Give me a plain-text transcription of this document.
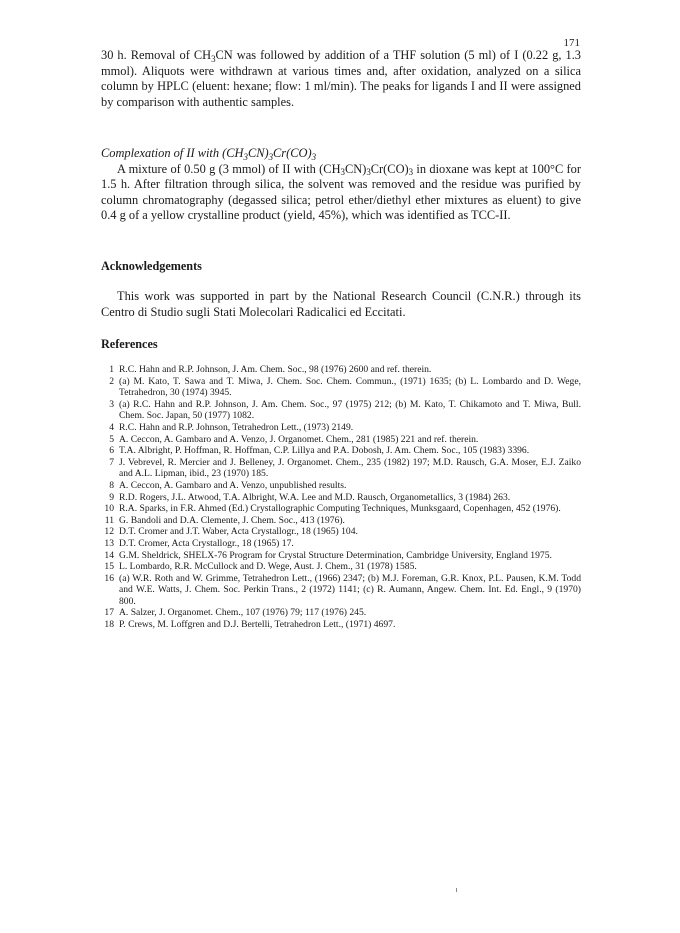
171

30 h. Removal of $CH_3CN$ was followed by addition of a THF solution (5 ml) of I (0.22 g, 1.3 mmol). Aliquots were withdrawn at various times and, after oxidation, analyzed on a silica column by HPLC (eluent: hexane; flow: 1 ml/min). The peaks for ligands I and II were assigned by comparison with authentic samples.

Complexation of II with $(CH_3CN)_3Cr(CO)_3$

A mixture of 0.50 g (3 mmol) of II with $(CH_3CN)_3Cr(CO)_3$ in dioxane was kept at 100°C for 1.5 h. After filtration through silica, the solvent was removed and the residue was purified by column chromatography (degassed silica; petrol ether/diethyl ether mixtures as eluent) to give 0.4 g of a yellow crystalline product (yield, 45%), which was identified as TCC-II.

Acknowledgements

This work was supported in part by the National Research Council (C.N.R.) through its Centro di Studio sugli Stati Molecolari Radicalici ed Eccitati.

References

1 R.C. Hahn and R.P. Johnson, J. Am. Chem. Soc., 98 (1976) 2600 and ref. therein.
2 (a) M. Kato, T. Sawa and T. Miwa, J. Chem. Soc. Chem. Commun., (1971) 1635; (b) L. Lombardo and D. Wege, Tetrahedron, 30 (1974) 3945.
3 (a) R.C. Hahn and R.P. Johnson, J. Am. Chem. Soc., 97 (1975) 212; (b) M. Kato, T. Chikamoto and T. Miwa, Bull. Chem. Soc. Japan, 50 (1977) 1082.
4 R.C. Hahn and R.P. Johnson, Tetrahedron Lett., (1973) 2149.
5 A. Ceccon, A. Gambaro and A. Venzo, J. Organomet. Chem., 281 (1985) 221 and ref. therein.
6 T.A. Albright, P. Hoffman, R. Hoffman, C.P. Lillya and P.A. Dobosh, J. Am. Chem. Soc., 105 (1983) 3396.
7 J. Vebrevel, R. Mercier and J. Belleney, J. Organomet. Chem., 235 (1982) 197; M.D. Rausch, G.A. Moser, E.J. Zaiko and A.L. Lipman, ibid., 23 (1970) 185.
8 A. Ceccon, A. Gambaro and A. Venzo, unpublished results.
9 R.D. Rogers, J.L. Atwood, T.A. Albright, W.A. Lee and M.D. Rausch, Organometallics, 3 (1984) 263.
10 R.A. Sparks, in F.R. Ahmed (Ed.) Crystallographic Computing Techniques, Munksgaard, Copenhagen, 452 (1976).
11 G. Bandoli and D.A. Clemente, J. Chem. Soc., 413 (1976).
12 D.T. Cromer and J.T. Waber, Acta Crystallogr., 18 (1965) 104.
13 D.T. Cromer, Acta Crystallogr., 18 (1965) 17.
14 G.M. Sheldrick, SHELX-76 Program for Crystal Structure Determination, Cambridge University, England 1975.
15 L. Lombardo, R.R. McCullock and D. Wege, Aust. J. Chem., 31 (1978) 1585.
16 (a) W.R. Roth and W. Grimme, Tetrahedron Lett., (1966) 2347; (b) M.J. Foreman, G.R. Knox, P.L. Pausen, K.M. Todd and W.E. Watts, J. Chem. Soc. Perkin Trans., 2 (1972) 1141; (c) R. Aumann, Angew. Chem. Int. Ed. Engl., 9 (1970) 800.
17 A. Salzer, J. Organomet. Chem., 107 (1976) 79; 117 (1976) 245.
18 P. Crews, M. Loffgren and D.J. Bertelli, Tetrahedron Lett., (1971) 4697.
